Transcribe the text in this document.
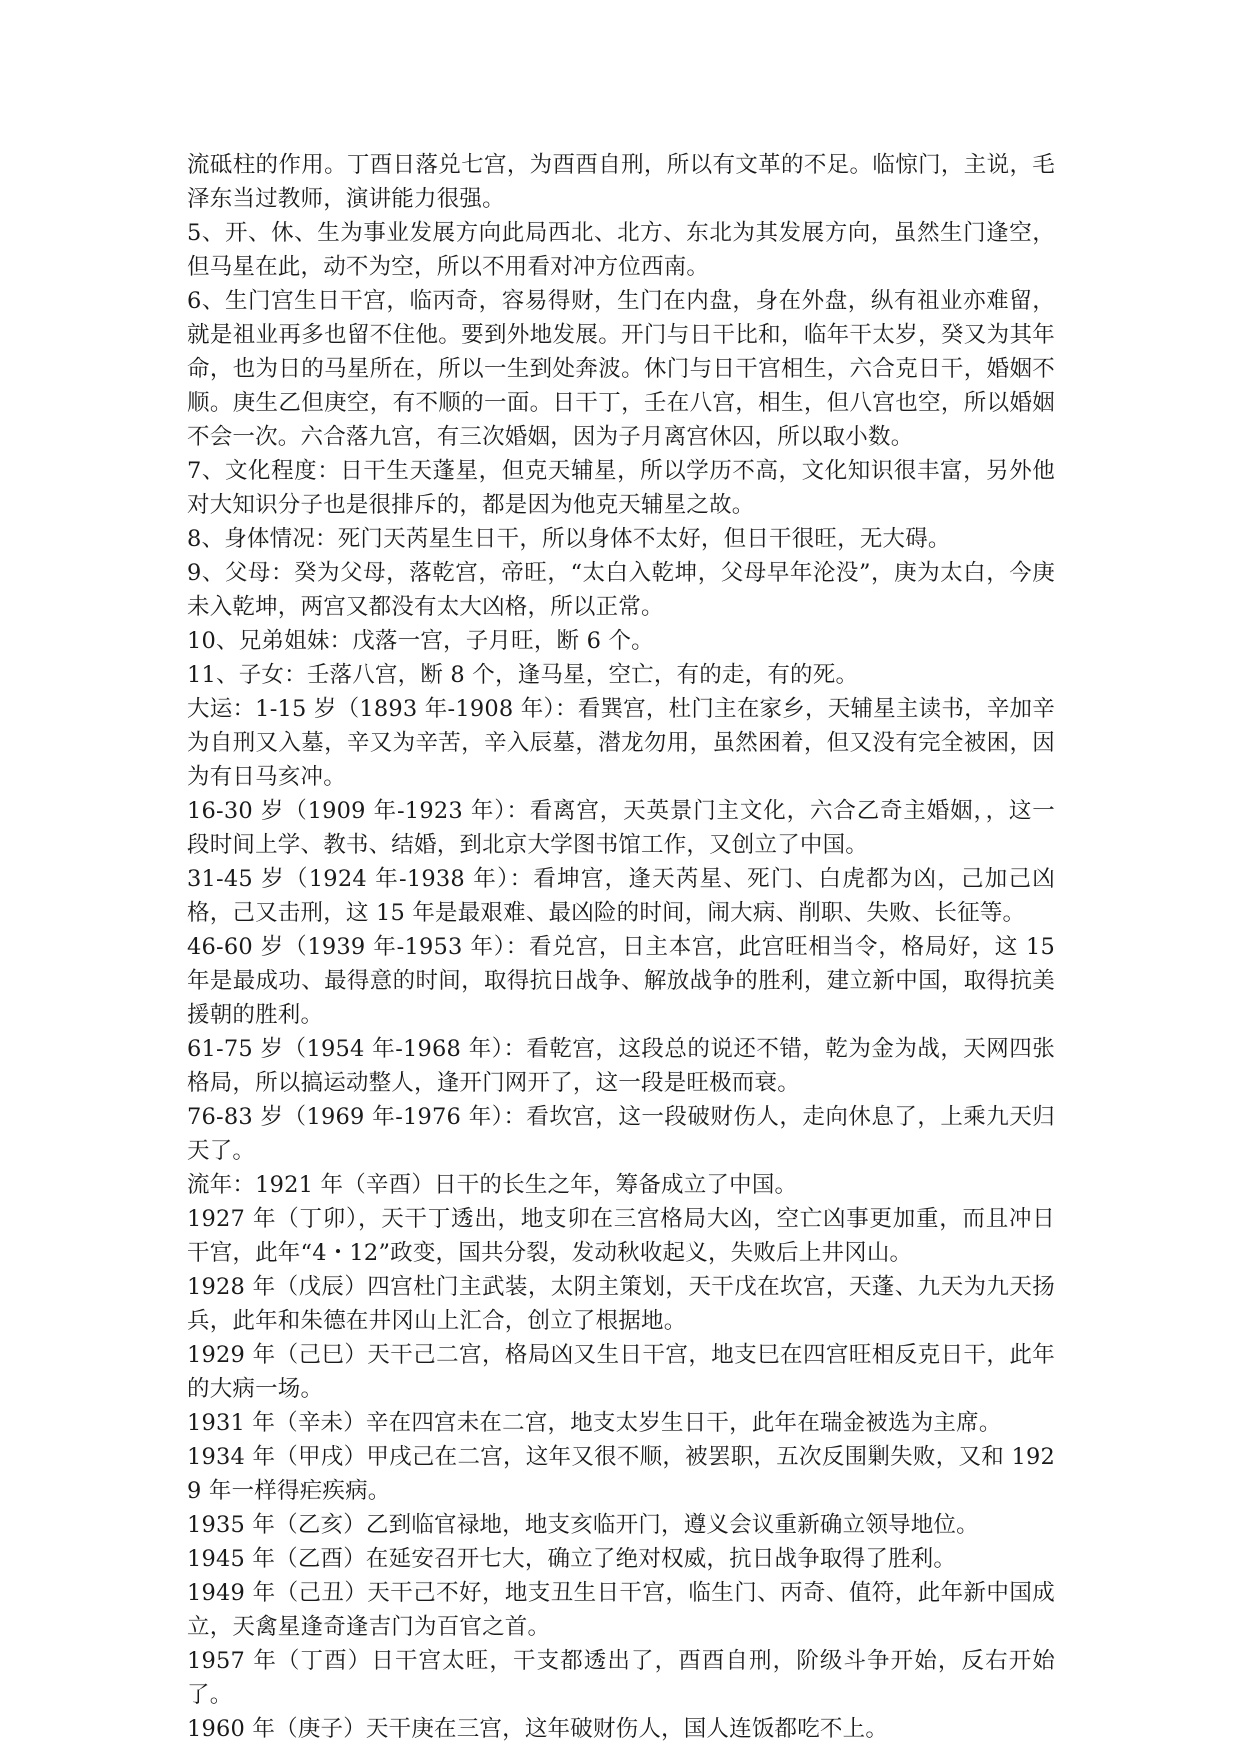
流砥柱的作用。丁酉日落兑七宫，为酉酉自刑，所以有文革的不足。临惊门，主说，毛泽东当过教师，演讲能力很强。

5、开、休、生为事业发展方向此局西北、北方、东北为其发展方向，虽然生门逢空，但马星在此，动不为空，所以不用看对冲方位西南。

6、生门宫生日干宫，临丙奇，容易得财，生门在内盘，身在外盘，纵有祖业亦难留，就是祖业再多也留不住他。要到外地发展。开门与日干比和，临年干太岁，癸又为其年命，也为日的马星所在，所以一生到处奔波。休门与日干宫相生，六合克日干，婚姻不顺。庚生乙但庚空，有不顺的一面。日干丁，壬在八宫，相生，但八宫也空，所以婚姻不会一次。六合落九宫，有三次婚姻，因为子月离宫休囚，所以取小数。

7、文化程度：日干生天蓬星，但克天辅星，所以学历不高，文化知识很丰富，另外他对大知识分子也是很排斥的，都是因为他克天辅星之故。

8、身体情况：死门天芮星生日干，所以身体不太好，但日干很旺，无大碍。

9、父母：癸为父母，落乾宫，帝旺，“太白入乾坤，父母早年沦没”，庚为太白，今庚未入乾坤，两宫又都没有太大凶格，所以正常。

10、兄弟姐妹：戊落一宫，子月旺，断 6 个。

11、子女：壬落八宫，断 8 个，逢马星，空亡，有的走，有的死。

大运：1-15 岁（1893 年-1908 年）：看巽宫，杜门主在家乡，天辅星主读书，辛加辛为自刑又入墓，辛又为辛苦，辛入辰墓，潜龙勿用，虽然困着，但又没有完全被困，因为有日马亥冲。

16-30 岁（1909 年-1923 年）：看离宫，天英景门主文化，六合乙奇主婚姻，，这一段时间上学、教书、结婚，到北京大学图书馆工作，又创立了中国。

31-45 岁（1924 年-1938 年）：看坤宫，逢天芮星、死门、白虎都为凶，己加己凶格，己又击刑，这 15 年是最艰难、最凶险的时间，闹大病、削职、失败、长征等。

46-60 岁（1939 年-1953 年）：看兑宫，日主本宫，此宫旺相当令，格局好，这 15 年是最成功、最得意的时间，取得抗日战争、解放战争的胜利，建立新中国，取得抗美援朝的胜利。

61-75 岁（1954 年-1968 年）：看乾宫，这段总的说还不错，乾为金为战，天网四张格局，所以搞运动整人，逢开门网开了，这一段是旺极而衰。

76-83 岁（1969 年-1976 年）：看坎宫，这一段破财伤人，走向休息了，上乘九天归天了。

流年：1921 年（辛酉）日干的长生之年，筹备成立了中国。

1927 年（丁卯），天干丁透出，地支卯在三宫格局大凶，空亡凶事更加重，而且冲日干宫，此年“4・12”政变，国共分裂，发动秋收起义，失败后上井冈山。

1928 年（戊辰）四宫杜门主武装，太阴主策划，天干戊在坎宫，天蓬、九天为九天扬兵，此年和朱德在井冈山上汇合，创立了根据地。

1929 年（己巳）天干己二宫，格局凶又生日干宫，地支巳在四宫旺相反克日干，此年的大病一场。

1931 年（辛未）辛在四宫未在二宫，地支太岁生日干，此年在瑞金被选为主席。

1934 年（甲戌）甲戌己在二宫，这年又很不顺，被罢职，五次反围剿失败，又和 1929 年一样得疟疾病。

1935 年（乙亥）乙到临官禄地，地支亥临开门，遵义会议重新确立领导地位。

1945 年（乙酉）在延安召开七大，确立了绝对权威，抗日战争取得了胜利。

1949 年（己丑）天干己不好，地支丑生日干宫，临生门、丙奇、值符，此年新中国成立，天禽星逢奇逢吉门为百官之首。

1957 年（丁酉）日干宫太旺，干支都透出了，酉酉自刑，阶级斗争开始，反右开始了。

1960 年（庚子）天干庚在三宫，这年破财伤人，国人连饭都吃不上。
